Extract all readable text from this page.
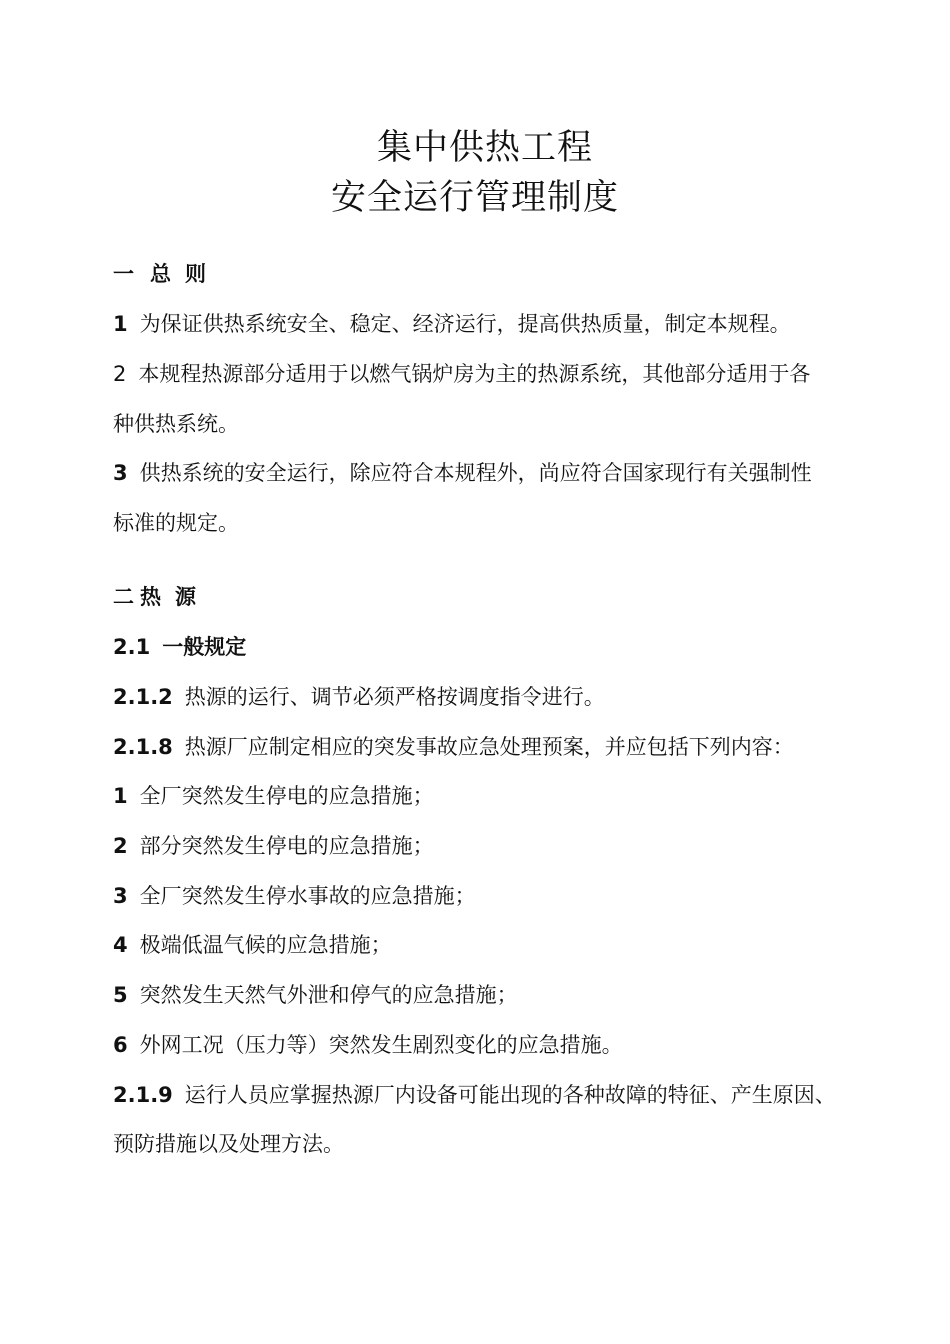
集中供热工程
安全运行管理制度
一 总 则
1 为保证供热系统安全、稳定、经济运行，提高供热质量，制定本规程。
2 本规程热源部分适用于以燃气锅炉房为主的热源系统，其他部分适用于各
种供热系统。
3 供热系统的安全运行，除应符合本规程外，尚应符合国家现行有关强制性
标准的规定。
二 热 源
2.1 一般规定
2.1.2 热源的运行、调节必须严格按调度指令进行。
2.1.8 热源厂应制定相应的突发事故应急处理预案，并应包括下列内容：
1 全厂突然发生停电的应急措施；
2 部分突然发生停电的应急措施；
3 全厂突然发生停水事故的应急措施；
4 极端低温气候的应急措施；
5 突然发生天然气外泄和停气的应急措施；
6 外网工况（压力等）突然发生剧烈变化的应急措施。
2.1.9 运行人员应掌握热源厂内设备可能出现的各种故障的特征、产生原因、
预防措施以及处理方法。
